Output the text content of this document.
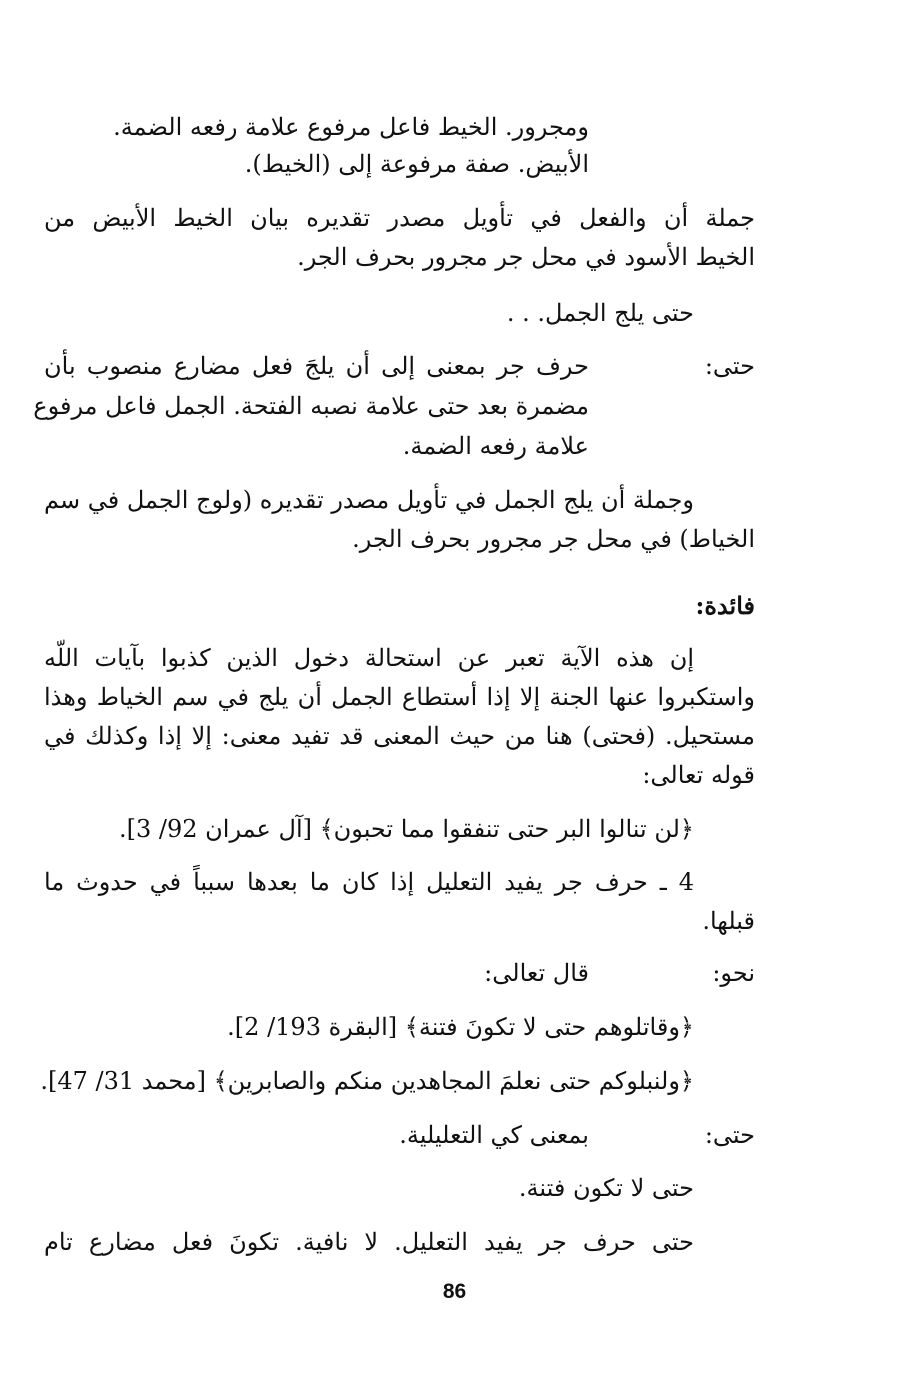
ومجرور. الخيط فاعل مرفوع علامة رفعه الضمة.
الأبيض. صفة مرفوعة إلى (الخيط).
جملة أن والفعل في تأويل مصدر تقديره بيان الخيط الأبيض من
الخيط الأسود في محل جر مجرور بحرف الجر.
حتى يلج الجمل. . .
حتى:
حرف جر بمعنى إلى أن يلجَ فعل مضارع منصوب بأن
مضمرة بعد حتى علامة نصبه الفتحة. الجمل فاعل مرفوع
علامة رفعه الضمة.
وجملة أن يلج الجمل في تأويل مصدر تقديره (ولوج الجمل في سم
الخياط) في محل جر مجرور بحرف الجر.
فائدة:
إن هذه الآية تعبر عن استحالة دخول الذين كذبوا بآيات اللّه
واستكبروا عنها الجنة إلا إذا أستطاع الجمل أن يلج في سم الخياط وهذا
مستحيل. (فحتى) هنا من حيث المعنى قد تفيد معنى: إلا إذا وكذلك في
قوله تعالى:
﴿لن تنالوا البر حتى تنفقوا مما تحبون﴾ [آل عمران 92/ 3].
4 ـ حرف جر يفيد التعليل إذا كان ما بعدها سبباً في حدوث ما
قبلها.
نحو:
قال تعالى:
﴿وقاتلوهم حتى لا تكونَ فتنة﴾ [البقرة 193/ 2].
﴿ولنبلوكم حتى نعلمَ المجاهدين منكم والصابرين﴾ [محمد 31/ 47].
حتى:
بمعنى كي التعليلية.
حتى لا تكون فتنة.
حتى حرف جر يفيد التعليل. لا نافية. تكونَ فعل مضارع تام
86
